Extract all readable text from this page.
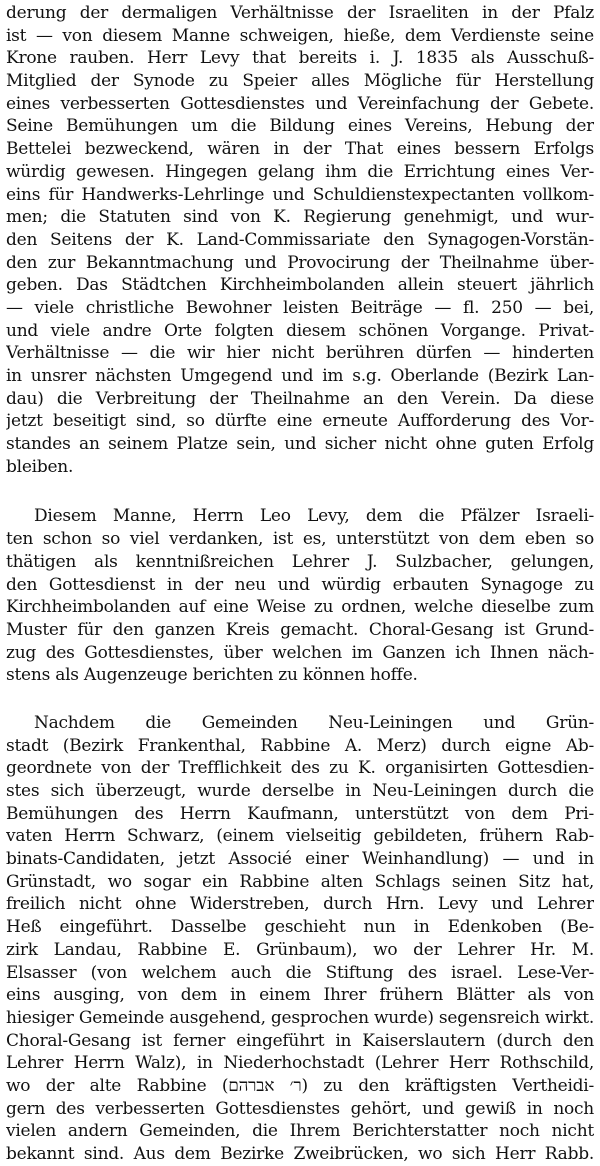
derung der dermaligen Verhältnisse der Israeliten in der Pfalz
ist — von diesem Manne schweigen, hieße, dem Verdienste seine
Krone rauben. Herr Levy that bereits i. J. 1835 als Ausschuß-
Mitglied der Synode zu Speier alles Mögliche für Herstellung
eines verbesserten Gottesdienstes und Vereinfachung der Gebete.
Seine Bemühungen um die Bildung eines Vereins, Hebung der
Bettelei bezweckend, wären in der That eines bessern Erfolgs
würdig gewesen. Hingegen gelang ihm die Errichtung eines Ver-
eins für Handwerks-Lehrlinge und Schuldienstexpectanten vollkom-
men; die Statuten sind von K. Regierung genehmigt, und wur-
den Seitens der K. Land-Commissariate den Synagogen-Vorstän-
den zur Bekanntmachung und Provocirung der Theilnahme über-
geben. Das Städtchen Kirchheimbolanden allein steuert jährlich
— viele christliche Bewohner leisten Beiträge — fl. 250 — bei,
und viele andre Orte folgten diesem schönen Vorgange. Privat-
Verhältnisse — die wir hier nicht berühren dürfen — hinderten
in unsrer nächsten Umgegend und im s.g. Oberlande (Bezirk Lan-
dau) die Verbreitung der Theilnahme an den Verein. Da diese
jetzt beseitigt sind, so dürfte eine erneute Aufforderung des Vor-
standes an seinem Platze sein, und sicher nicht ohne guten Erfolg
bleiben.
Diesem Manne, Herrn Leo Levy, dem die Pfälzer Israeli-
ten schon so viel verdanken, ist es, unterstützt von dem eben so
thätigen als kenntnißreichen Lehrer J. Sulzbacher, gelungen,
den Gottesdienst in der neu und würdig erbauten Synagoge zu
Kirchheimbolanden auf eine Weise zu ordnen, welche dieselbe zum
Muster für den ganzen Kreis gemacht. Choral-Gesang ist Grund-
zug des Gottesdienstes, über welchen im Ganzen ich Ihnen näch-
stens als Augenzeuge berichten zu können hoffe.
Nachdem die Gemeinden Neu-Leiningen und Grün-
stadt (Bezirk Frankenthal, Rabbine A. Merz) durch eigne Ab-
geordnete von der Trefflichkeit des zu K. organisirten Gottesdien-
stes sich überzeugt, wurde derselbe in Neu-Leiningen durch die
Bemühungen des Herrn Kaufmann, unterstützt von dem Pri-
vaten Herrn Schwarz, (einem vielseitig gebildeten, frühern Rab-
binats-Candidaten, jetzt Associé einer Weinhandlung) — und in
Grünstadt, wo sogar ein Rabbine alten Schlags seinen Sitz hat,
freilich nicht ohne Widerstreben, durch Hrn. Levy und Lehrer
Heß eingeführt. Dasselbe geschieht nun in Edenkoben (Be-
zirk Landau, Rabbine E. Grünbaum), wo der Lehrer Hr. M.
Elsasser (von welchem auch die Stiftung des israel. Lese-Ver-
eins ausging, von dem in einem Ihrer frühern Blätter als von
hiesiger Gemeinde ausgehend, gesprochen wurde) segensreich wirkt.
Choral-Gesang ist ferner eingeführt in Kaiserslautern (durch den
Lehrer Herrn Walz), in Niederhochstadt (Lehrer Herr Rothschild,
wo der alte Rabbine (ר׳ אברהם) zu den kräftigsten Vertheidi-
gern des verbesserten Gottesdienstes gehört, und gewiß in noch
vielen andern Gemeinden, die Ihrem Berichterstatter noch nicht
bekannt sind. Aus dem Bezirke Zweibrücken, wo sich Herr Rabb.
